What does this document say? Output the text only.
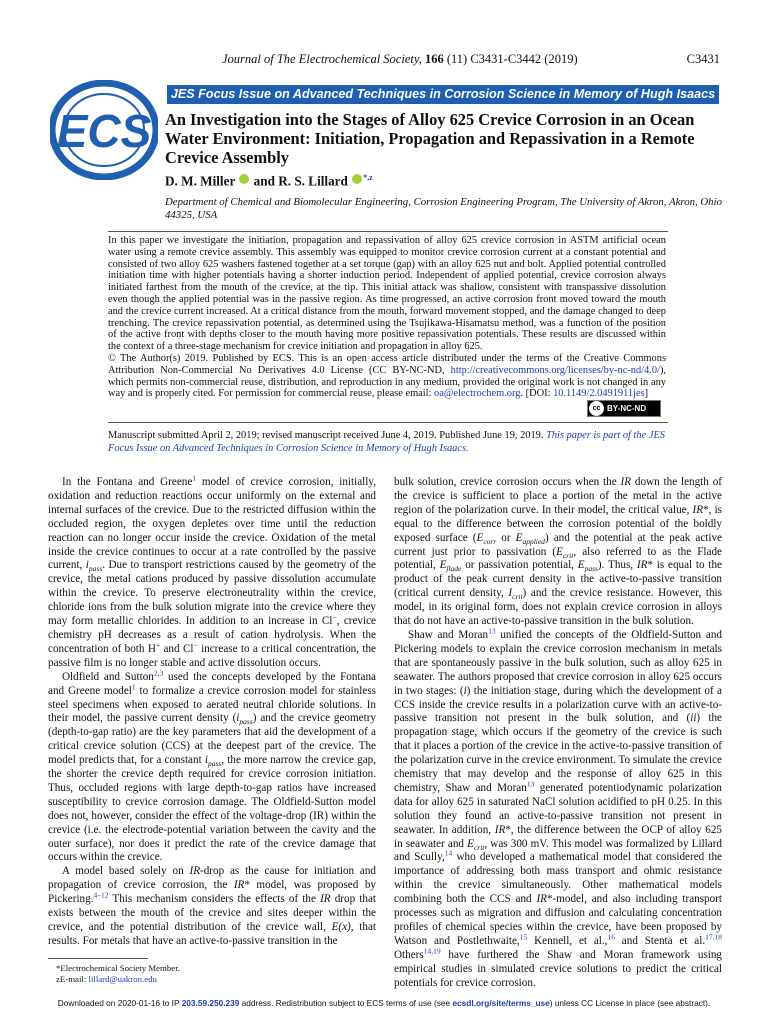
Journal of The Electrochemical Society, 166 (11) C3431-C3442 (2019)	C3431
ECS
JES Focus Issue on Advanced Techniques in Corrosion Science in Memory of Hugh Isaacs
An Investigation into the Stages of Alloy 625 Crevice Corrosion in an Ocean Water Environment: Initiation, Propagation and Repassivation in a Remote Crevice Assembly
D. M. Miller  and R. S. Lillard $^{*,z}$
Department of Chemical and Biomolecular Engineering, Corrosion Engineering Program, The University of Akron, Akron, Ohio 44325, USA
In this paper we investigate the initiation, propagation and repassivation of alloy 625 crevice corrosion in ASTM artificial ocean water using a remote crevice assembly. This assembly was equipped to monitor crevice corrosion current at a constant potential and consisted of two alloy 625 washers fastened together at a set torque (gap) with an alloy 625 nut and bolt. Applied potential controlled initiation time with higher potentials having a shorter induction period. Independent of applied potential, crevice corrosion always initiated farthest from the mouth of the crevice, at the tip. This initial attack was shallow, consistent with transpassive dissolution even though the applied potential was in the passive region. As time progressed, an active corrosion front moved toward the mouth and the crevice current increased. At a critical distance from the mouth, forward movement stopped, and the damage changed to deep trenching. The crevice repassivation potential, as determined using the Tsujikawa-Hisamatsu method, was a function of the position of the active front with depths closer to the mouth having more positive repassivation potentials. These results are discussed within the context of a three-stage mechanism for crevice initiation and propagation in alloy 625.
© The Author(s) 2019. Published by ECS. This is an open access article distributed under the terms of the Creative Commons Attribution Non-Commercial No Derivatives 4.0 License (CC BY-NC-ND, http://creativecommons.org/licenses/by-nc-nd/4.0/), which permits non-commercial reuse, distribution, and reproduction in any medium, provided the original work is not changed in any way and is properly cited. For permission for commercial reuse, please email: oa@electrochem.org. [DOI: 10.1149/2.0491911jes]
cc BY-NC-ND
Manuscript submitted April 2, 2019; revised manuscript received June 4, 2019. Published June 19, 2019. This paper is part of the JES Focus Issue on Advanced Techniques in Corrosion Science in Memory of Hugh Isaacs.

In the Fontana and Greene$^1$ model of crevice corrosion, initially, oxidation and reduction reactions occur uniformly on the external and internal surfaces of the crevice. Due to the restricted diffusion within the occluded region, the oxygen depletes over time until the reduction reaction can no longer occur inside the crevice. Oxidation of the metal inside the crevice continues to occur at a rate controlled by the passive current, $i_{pass}$. Due to transport restrictions caused by the geometry of the crevice, the metal cations produced by passive dissolution accumulate within the crevice. To preserve electroneutrality within the crevice, chloride ions from the bulk solution migrate into the crevice where they may form metallic chlorides. In addition to an increase in Cl−, crevice chemistry pH decreases as a result of cation hydrolysis. When the concentration of both H+ and Cl− increase to a critical concentration, the passive film is no longer stable and active dissolution occurs.

Oldfield and Sutton$^{2,3}$ used the concepts developed by the Fontana and Greene model$^1$ to formalize a crevice corrosion model for stainless steel specimens when exposed to aerated neutral chloride solutions. In their model, the passive current density $(i_{pass})$ and the crevice geometry (depth-to-gap ratio) are the key parameters that aid the development of a critical crevice solution (CCS) at the deepest part of the crevice. The model predicts that, for a constant $i_{pass}$, the more narrow the crevice gap, the shorter the crevice depth required for crevice corrosion initiation. Thus, occluded regions with large depth-to-gap ratios have increased susceptibility to crevice corrosion damage. The Oldfield-Sutton model does not, however, consider the effect of the voltage-drop (IR) within the crevice (i.e. the electrode-potential variation between the cavity and the outer surface), nor does it predict the rate of the crevice damage that occurs within the crevice.

A model based solely on IR-drop as the cause for initiation and propagation of crevice corrosion, the IR* model, was proposed by Pickering.$^{4-12}$ This mechanism considers the effects of the IR drop that exists between the mouth of the crevice and sites deeper within the crevice, and the potential distribution of the crevice wall, E(x), that results. For metals that have an active-to-passive transition in the

bulk solution, crevice corrosion occurs when the IR down the length of the crevice is sufficient to place a portion of the metal in the active region of the polarization curve. In their model, the critical value, IR*, is equal to the difference between the corrosion potential of the boldly exposed surface ($E_{corr}$ or $E_{applied}$) and the potential at the peak active current just prior to passivation ($E_{crit}$, also referred to as the Flade potential, $E_{flade}$ or passivation potential, $E_{pass}$). Thus, IR* is equal to the product of the peak current density in the active-to-passive transition (critical current density, $I_{crit}$) and the crevice resistance. However, this model, in its original form, does not explain crevice corrosion in alloys that do not have an active-to-passive transition in the bulk solution.

Shaw and Moran$^{13}$ unified the concepts of the Oldfield-Sutton and Pickering models to explain the crevice corrosion mechanism in metals that are spontaneously passive in the bulk solution, such as alloy 625 in seawater. The authors proposed that crevice corrosion in alloy 625 occurs in two stages: (i) the initiation stage, during which the development of a CCS inside the crevice results in a polarization curve with an active-to-passive transition not present in the bulk solution, and (ii) the propagation stage, which occurs if the geometry of the crevice is such that it places a portion of the crevice in the active-to-passive transition of the polarization curve in the crevice environment. To simulate the crevice chemistry that may develop and the response of alloy 625 in this chemistry, Shaw and Moran$^{13}$ generated potentiodynamic polarization data for alloy 625 in saturated NaCl solution acidified to pH 0.25. In this solution they found an active-to-passive transition not present in seawater. In addition, IR*, the difference between the OCP of alloy 625 in seawater and $E_{crit}$, was 300 mV. This model was formalized by Lillard and Scully,$^{14}$ who developed a mathematical model that considered the importance of addressing both mass transport and ohmic resistance within the crevice simultaneously. Other mathematical models combining both the CCS and IR*-model, and also including transport processes such as migration and diffusion and calculating concentration profiles of chemical species within the crevice, have been proposed by Watson and Postlethwaite,$^{15}$ Kennell, et al.,$^{16}$ and Stenta et al.$^{17,18}$ Others$^{14,19}$ have furthered the Shaw and Moran framework using empirical studies in simulated crevice solutions to predict the critical potentials for crevice corrosion.

*Electrochemical Society Member.
zE-mail: lillard@uakron.edu
Downloaded on 2020-01-16 to IP 203.59.250.239 address. Redistribution subject to ECS terms of use (see ecsdl.org/site/terms_use) unless CC License in place (see abstract).
